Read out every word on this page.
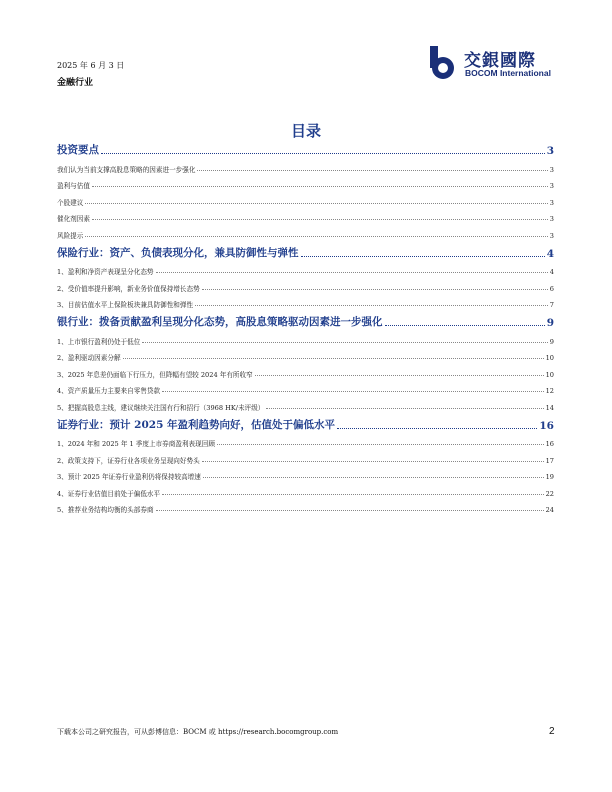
2025 年 6 月 3 日
金融行业
交銀國際
BOCOM International
目录
投资要点	3
我们认为当前支撑高股息策略的因素进一步强化	3
盈利与估值	3
个股建议	3
催化剂因素	3
风险提示	3
保险行业：资产、负债表现分化，兼具防御性与弹性	4
1、盈利和净资产表现呈分化态势	4
2、受价值率提升影响，新业务价值保持增长态势	6
3、目前估值水平上保险板块兼具防御性和弹性	7
银行业：拨备贡献盈利呈现分化态势，高股息策略驱动因素进一步强化	9
1、上市银行盈利仍处于低位	9
2、盈利驱动因素分解	10
3、2025 年息差仍面临下行压力，但降幅有望较 2024 年有所收窄	10
4、资产质量压力主要来自零售贷款	12
5、把握高股息主线，建议继续关注国有行和招行（3968 HK/未评级）	14
证券行业：预计 2025 年盈利趋势向好，估值处于偏低水平	16
1、2024 年和 2025 年 1 季度上市券商盈利表现回顾	16
2、政策支持下，证券行业各项业务呈现向好势头	17
3、预计 2025 年证券行业盈利仍将保持较高增速	19
4、证券行业估值目前处于偏低水平	22
5、推荐业务结构均衡的头部券商	24
下载本公司之研究报告，可从彭博信息：BOCM 或 https://research.bocomgroup.com	2
